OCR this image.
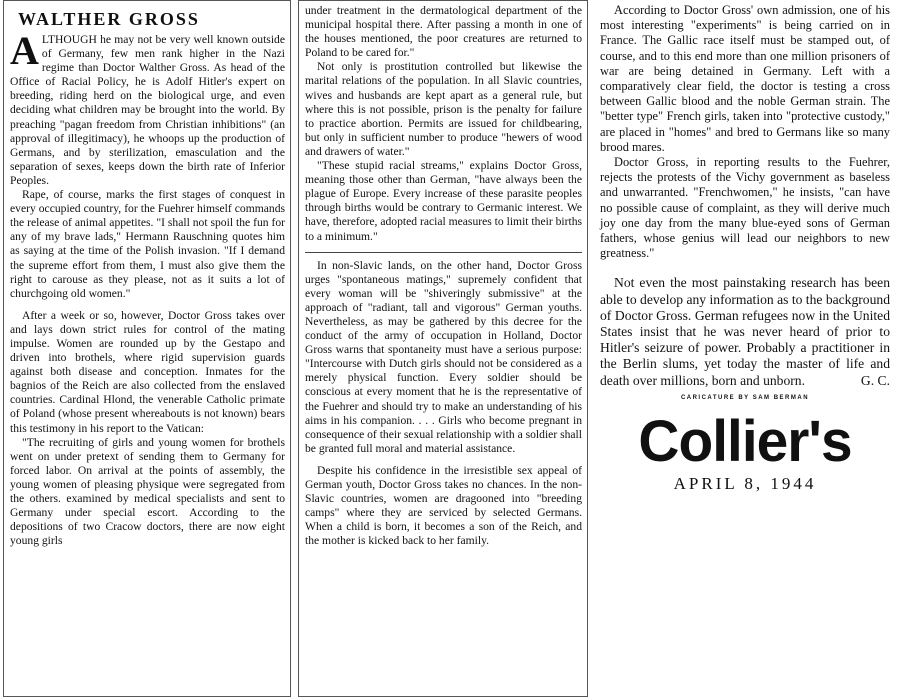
WALTHER GROSS

ALTHOUGH he may not be very well known outside of Germany, few men rank higher in the Nazi regime than Doctor Walther Gross. As head of the Office of Racial Policy, he is Adolf Hitler's expert on breeding, riding herd on the biological urge, and even deciding what children may be brought into the world. By preaching "pagan freedom from Christian inhibitions" (an approval of illegitimacy), he whoops up the production of Germans, and by sterilization, emasculation and the separation of sexes, keeps down the birth rate of Inferior Peoples.

Rape, of course, marks the first stages of conquest in every occupied country, for the Fuehrer himself commands the release of animal appetites. "I shall not spoil the fun for any of my brave lads," Hermann Rauschning quotes him as saying at the time of the Polish invasion. "If I demand the supreme effort from them, I must also give them the right to carouse as they please, not as it suits a lot of churchgoing old women."

After a week or so, however, Doctor Gross takes over and lays down strict rules for control of the mating impulse. Women are rounded up by the Gestapo and driven into brothels, where rigid supervision guards against both disease and conception. Inmates for the bagnios of the Reich are also collected from the enslaved countries. Cardinal Hlond, the venerable Catholic primate of Poland (whose present whereabouts is not known) bears this testimony in his report to the Vatican:

"The recruiting of girls and young women for brothels went on under pretext of sending them to Germany for forced labor. On arrival at the points of assembly, the young women of pleasing physique were segregated from the others. examined by medical specialists and sent to Germany under special escort. According to the depositions of two Cracow doctors, there are now eight young girls

under treatment in the dermatological department of the municipal hospital there. After passing a month in one of the houses mentioned, the poor creatures are returned to Poland to be cared for."

Not only is prostitution controlled but likewise the marital relations of the population. In all Slavic countries, wives and husbands are kept apart as a general rule, but where this is not possible, prison is the penalty for failure to practice abortion. Permits are issued for childbearing, but only in sufficient number to produce "hewers of wood and drawers of water."

"These stupid racial streams," explains Doctor Gross, meaning those other than German, "have always been the plague of Europe. Every increase of these parasite peoples through births would be contrary to Germanic interest. We have, therefore, adopted racial measures to limit their births to a minimum."

In non-Slavic lands, on the other hand, Doctor Gross urges "spontaneous matings," supremely confident that every woman will be "shiveringly submissive" at the approach of "radiant, tall and vigorous" German youths. Nevertheless, as may be gathered by this decree for the conduct of the army of occupation in Holland, Doctor Gross warns that spontaneity must have a serious purpose: "Intercourse with Dutch girls should not be considered as a merely physical function. Every soldier should be conscious at every moment that he is the representative of the Fuehrer and should try to make an understanding of his aims in his companion. . . . Girls who become pregnant in consequence of their sexual relationship with a soldier shall be granted full moral and material assistance.

Despite his confidence in the irresistible sex appeal of German youth, Doctor Gross takes no chances. In the non-Slavic countries, women are dragooned into "breeding camps" where they are serviced by selected Germans. When a child is born, it becomes a son of the Reich, and the mother is kicked back to her family.

According to Doctor Gross' own admission, one of his most interesting "experiments" is being carried on in France. The Gallic race itself must be stamped out, of course, and to this end more than one million prisoners of war are being detained in Germany. Left with a comparatively clear field, the doctor is testing a cross between Gallic blood and the noble German strain. The "better type" French girls, taken into "protective custody," are placed in "homes" and bred to Germans like so many brood mares.

Doctor Gross, in reporting results to the Fuehrer, rejects the protests of the Vichy government as baseless and unwarranted. "Frenchwomen," he insists, "can have no possible cause of complaint, as they will derive much joy one day from the many blue-eyed sons of German fathers, whose genius will lead our neighbors to new greatness."

Not even the most painstaking research has been able to develop any information as to the background of Doctor Gross. German refugees now in the United States insist that he was never heard of prior to Hitler's seizure of power. Probably a practitioner in the Berlin slums, yet today the master of life and death over millions, born and unborn.	G. C.

CARICATURE BY SAM BERMAN
Collier's
APRIL 8, 1944
